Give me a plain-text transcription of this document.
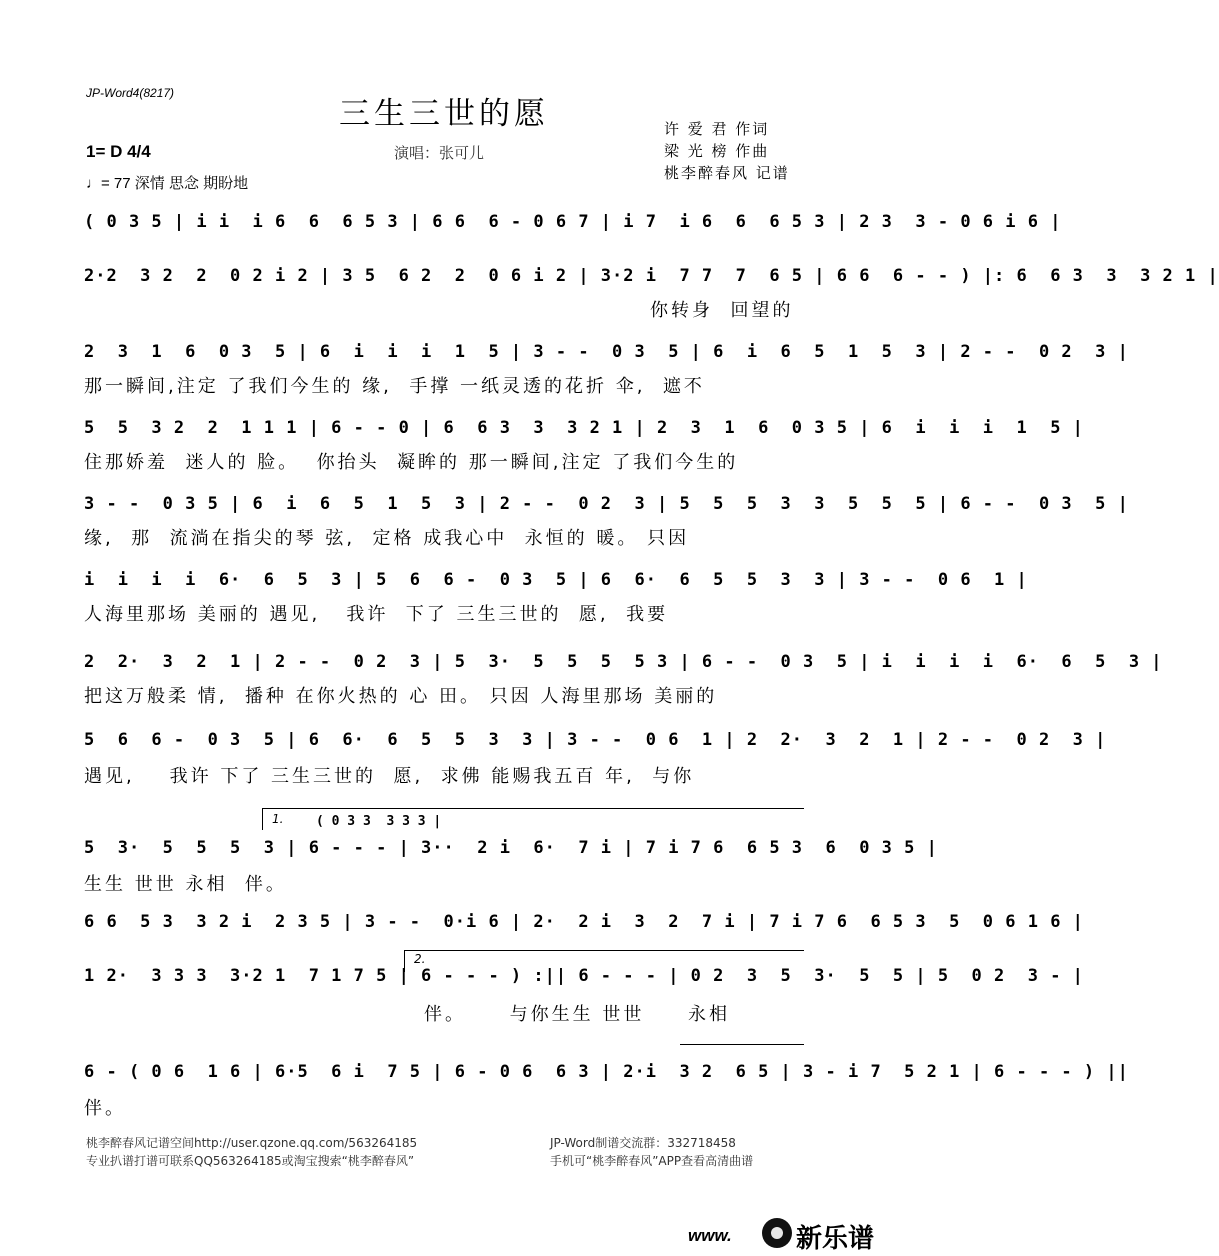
JP-Word4(8217)
三生三世的愿
1= D 4/4
♩= 77 深情 思念 期盼地
演唱：张可儿
许 爱 君 作词
梁 光 榜 作曲
桃李醉春风 记谱
( 0 3 5 | i i  i 6  6  6 5 3 | 6 6  6 - 0 6 7 | i 7  i 6  6  6 5 3 | 2 3  3 - 0 6 i 6 |
2·2  3 2  2  0 2 i 2 | 3 5  6 2  2  0 6 i 2 | 3·2 i  7 7  7  6 5 | 6 6  6 - - ) |: 6  6 3  3  3 2 1 |
你转身  回望的
2  3  1  6  0 3  5 | 6  i  i  i  1  5 | 3 - -  0 3  5 | 6  i  6  5  1  5  3 | 2 - -  0 2  3 |
那一瞬间,注定 了我们今生的 缘,  手撑 一纸灵透的花折 伞,  遮不
5  5  3 2  2  1 1 1 | 6 - - 0 | 6  6 3  3  3 2 1 | 2  3  1  6  0 3 5 | 6  i  i  i  1  5 |
住那娇羞  迷人的 脸。  你抬头  凝眸的 那一瞬间,注定 了我们今生的
3 - -  0 3 5 | 6  i  6  5  1  5  3 | 2 - -  0 2  3 | 5  5  5  3  3  5  5  5 | 6 - -  0 3  5 |
缘,  那  流淌在指尖的琴 弦,  定格 成我心中  永恒的 暖。 只因
i  i  i  i  6·  6  5  3 | 5  6  6 -  0 3  5 | 6  6·  6  5  5  3  3 | 3 - -  0 6  1 |
人海里那场 美丽的 遇见,   我许  下了 三生三世的  愿,  我要
2  2·  3  2  1 | 2 - -  0 2  3 | 5  3·  5  5  5  5 3 | 6 - -  0 3  5 | i  i  i  i  6·  6  5  3 |
把这万般柔 情,  播种 在你火热的 心 田。 只因 人海里那场 美丽的
5  6  6 -  0 3  5 | 6  6·  6  5  5  3  3 | 3 - -  0 6  1 | 2  2·  3  2  1 | 2 - -  0 2  3 |
遇见,    我许 下了 三生三世的  愿,  求佛 能赐我五百 年,  与你
1.	( 0 3 3  3 3 3 |
5  3·  5  5  5  3 | 6 - - - | 3··  2 i  6·  7 i | 7 i 7 6  6 5 3  6  0 3 5 |
生生 世世 永相  伴。
6 6  5 3  3 2 i  2 3 5 | 3 - -  0·i 6 | 2·  2 i  3  2  7 i | 7 i 7 6  6 5 3  5  0 6 1 6 |
2.
1 2·  3 3 3  3·2 1  7 1 7 5 | 6 - - - ) :|| 6 - - - | 0 2  3  5  3·  5  5 | 5  0 2  3 - |
伴。     与你生生 世世     永相
6 - ( 0 6  1 6 | 6·5  6 i  7 5 | 6 - 0 6  6 3 | 2·i  3 2  6 5 | 3 - i 7  5 2 1 | 6 - - - ) ||
伴。
桃李醉春风记谱空间http://user.qzone.qq.com/563264185
专业扒谱打谱可联系QQ563264185或淘宝搜索“桃李醉春风”
JP-Word制谱交流群：332718458
手机可“桃李醉春风”APP查看高清曲谱
www. 新乐谱
